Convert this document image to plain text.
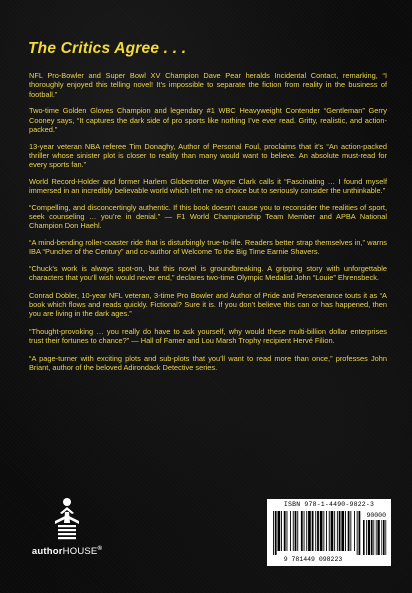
The Critics Agree . . .

NFL Pro-Bowler and Super Bowl XV Champion Dave Pear heralds Incidental Contact, remarking, “I thoroughly enjoyed this telling novel! It’s impossible to separate the fiction from reality in the business of football.”

Two-time Golden Gloves Champion and legendary #1 WBC Heavyweight Contender “Gentleman” Gerry Cooney says, “It captures the dark side of pro sports like nothing I’ve ever read. Gritty, realistic, and action-packed.”

13-year veteran NBA referee Tim Donaghy, Author of Personal Foul, proclaims that it’s “An action-packed thriller whose sinister plot is closer to reality than many would want to believe. An absolute must-read for every sports fan.”

World Record-Holder and former Harlem Globetrotter Wayne Clark calls it “Fascinating … I found myself immersed in an incredibly believable world which left me no choice but to seriously consider the unthinkable.”

“Compelling, and disconcertingly authentic. If this book doesn’t cause you to reconsider the realities of sport, seek counseling … you’re in denial.” — F1 World Championship Team Member and APBA National Champion Don Haehl.

“A mind-bending roller-coaster ride that is disturbingly true-to-life. Readers better strap themselves in,” warns IBA “Puncher of the Century” and co-author of Welcome To the Big Time Earnie Shavers.

“Chuck’s work is always spot-on, but this novel is groundbreaking. A gripping story with unforgettable characters that you’ll wish would never end,” declares two-time Olympic Medalist John “Louie” Ehrensbeck.

Conrad Dobler, 10-year NFL veteran, 3-time Pro Bowler and Author of Pride and Perseverance touts it as “A book which flows and reads quickly. Fictional? Sure it is. If you don’t believe this can or has happened, then you are living in the dark ages.”

“Thought-provoking … you really do have to ask yourself, why would these multi-billion dollar enterprises trust their fortunes to chance?” — Hall of Famer and Lou Marsh Trophy recipient Hervé Filion.

“A page-turner with exciting plots and sub-plots that you’ll want to read more than once,” professes John Briant, author of the beloved Adirondack Detective series.

authorHOUSE®
ISBN 978-1-4490-9822-3
90000
9 781449 098223
